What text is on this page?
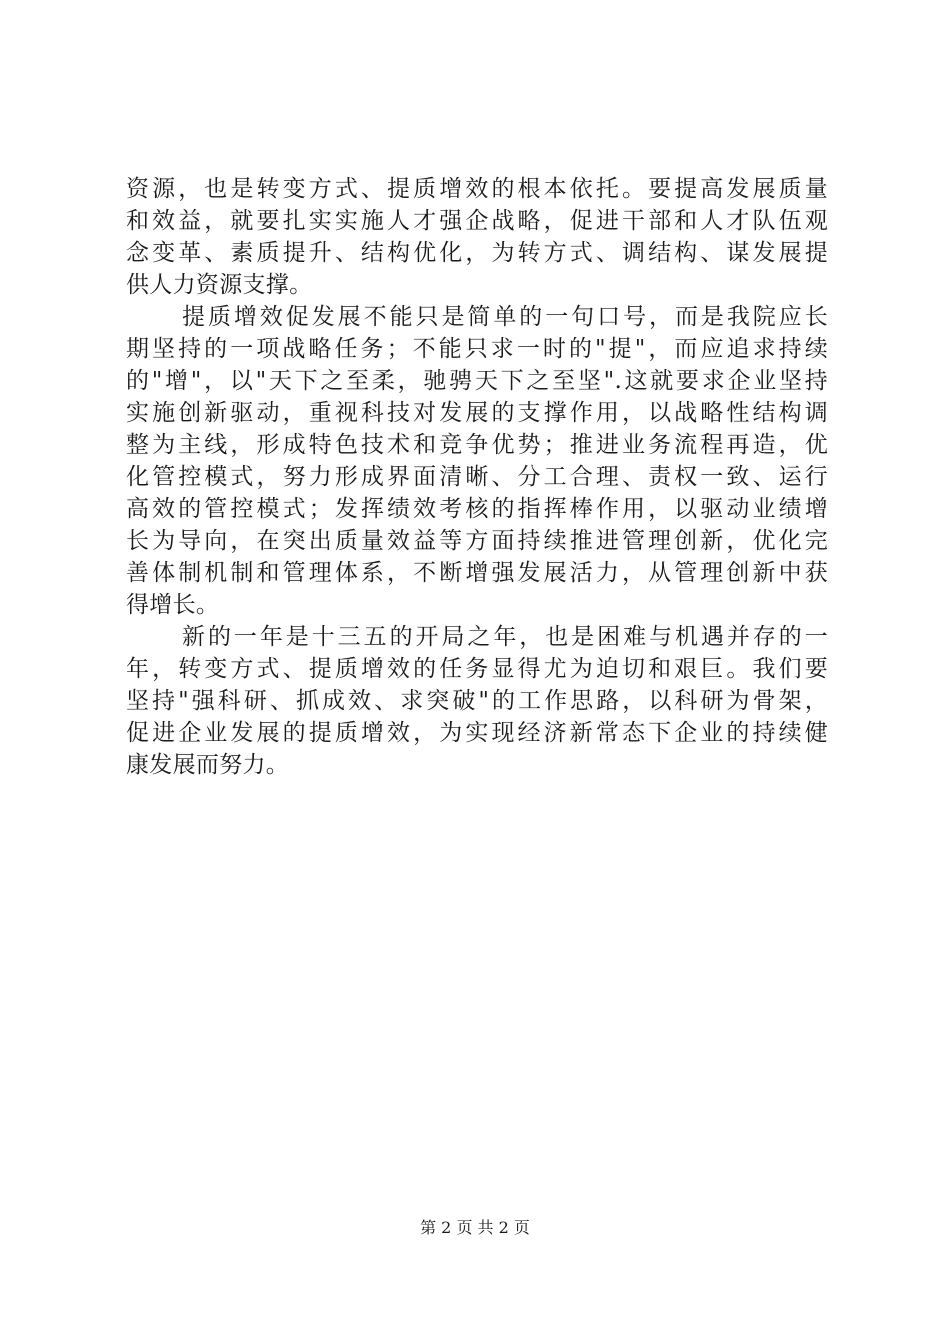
资源，也是转变方式、提质增效的根本依托。要提高发展质量
和效益，就要扎实实施人才强企战略，促进干部和人才队伍观
念变革、素质提升、结构优化，为转方式、调结构、谋发展提
供人力资源支撑。
提质增效促发展不能只是简单的一句口号，而是我院应长
期坚持的一项战略任务；不能只求一时的"提"，而应追求持续
的"增"，以"天下之至柔，驰骋天下之至坚".这就要求企业坚持
实施创新驱动，重视科技对发展的支撑作用，以战略性结构调
整为主线，形成特色技术和竞争优势；推进业务流程再造，优
化管控模式，努力形成界面清晰、分工合理、责权一致、运行
高效的管控模式；发挥绩效考核的指挥棒作用，以驱动业绩增
长为导向，在突出质量效益等方面持续推进管理创新，优化完
善体制机制和管理体系，不断增强发展活力，从管理创新中获
得增长。
新的一年是十三五的开局之年，也是困难与机遇并存的一
年，转变方式、提质增效的任务显得尤为迫切和艰巨。我们要
坚持"强科研、抓成效、求突破"的工作思路，以科研为骨架，
促进企业发展的提质增效，为实现经济新常态下企业的持续健
康发展而努力。
第 2 页 共 2 页
